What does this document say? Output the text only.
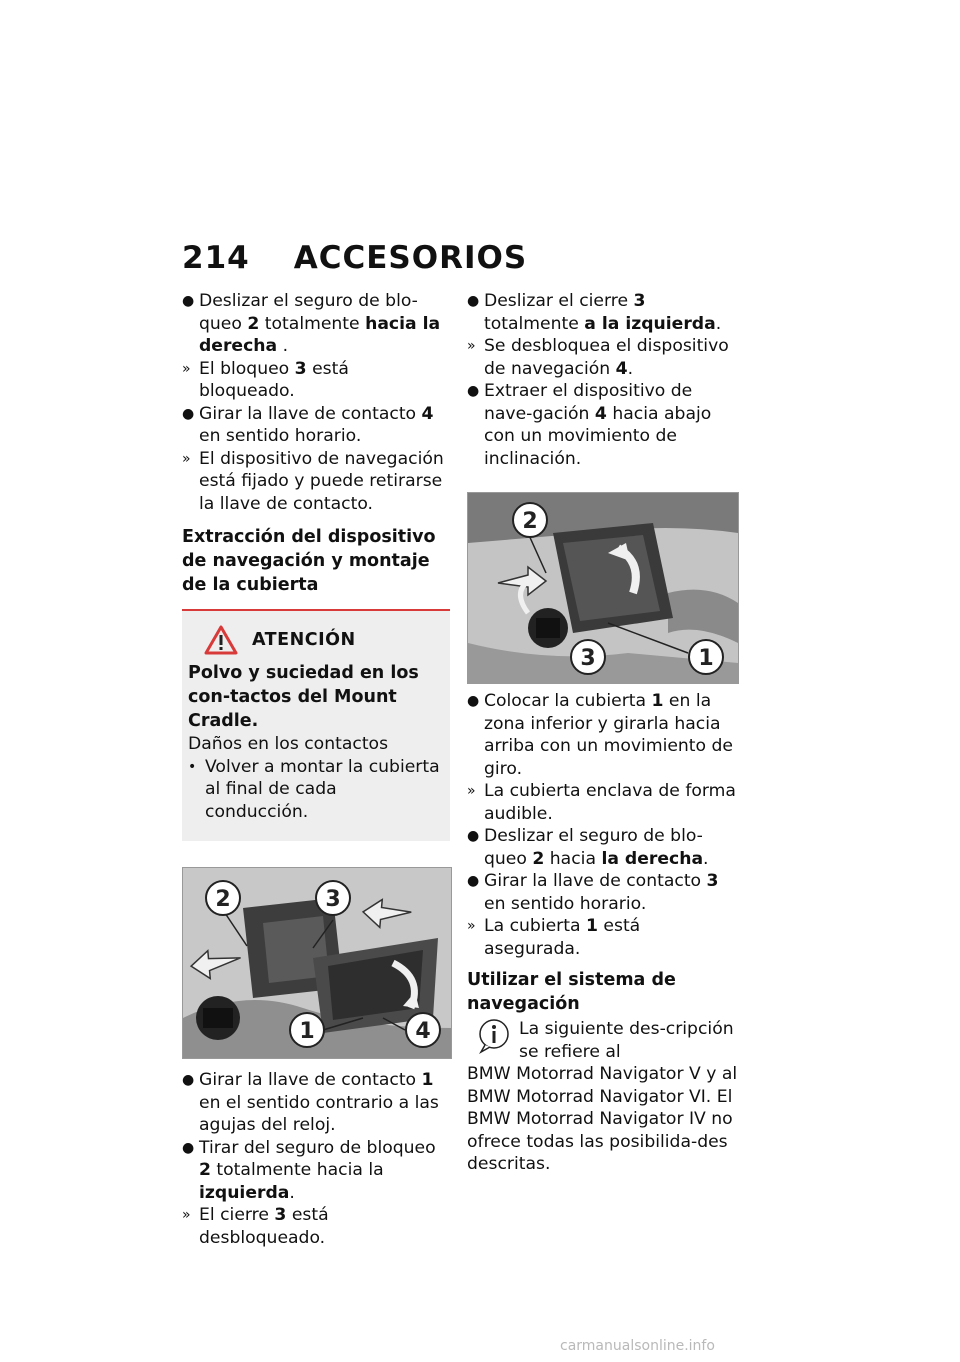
214 ACCESORIOS

● Deslizar el seguro de blo-queo 2 totalmente hacia la derecha .

» El bloqueo 3 está bloqueado.

● Girar la llave de contacto 4 en sentido horario.

» El dispositivo de navegación está fijado y puede retirarse la llave de contacto.

Extracción del dispositivo de navegación y montaje de la cubierta
ATENCIÓN
Polvo y suciedad en los con-tactos del Mount Cradle.
Daños en los contactos

• Volver a montar la cubierta al final de cada conducción.

2	3
1	4

● Girar la llave de contacto 1 en el sentido contrario a las agujas del reloj.

● Tirar del seguro de bloqueo 2 totalmente hacia la izquierda.

» El cierre 3 está desbloqueado.

● Deslizar el cierre 3 totalmente a la izquierda.

» Se desbloquea el dispositivo de navegación 4.

● Extraer el dispositivo de nave-gación 4 hacia abajo con un movimiento de inclinación.

2
3	1

● Colocar la cubierta 1 en la zona inferior y girarla hacia arriba con un movimiento de giro.

» La cubierta enclava de forma audible.

● Deslizar el seguro de blo-queo 2 hacia la derecha.

● Girar la llave de contacto 3 en sentido horario.

» La cubierta 1 está asegurada.

Utilizar el sistema de navegación
La siguiente des-cripción se refiere al
BMW Motorrad Navigator V y al BMW Motorrad Navigator VI. El BMW Motorrad Navigator IV no ofrece todas las posibilida-des descritas.
carmanualsonline.info
